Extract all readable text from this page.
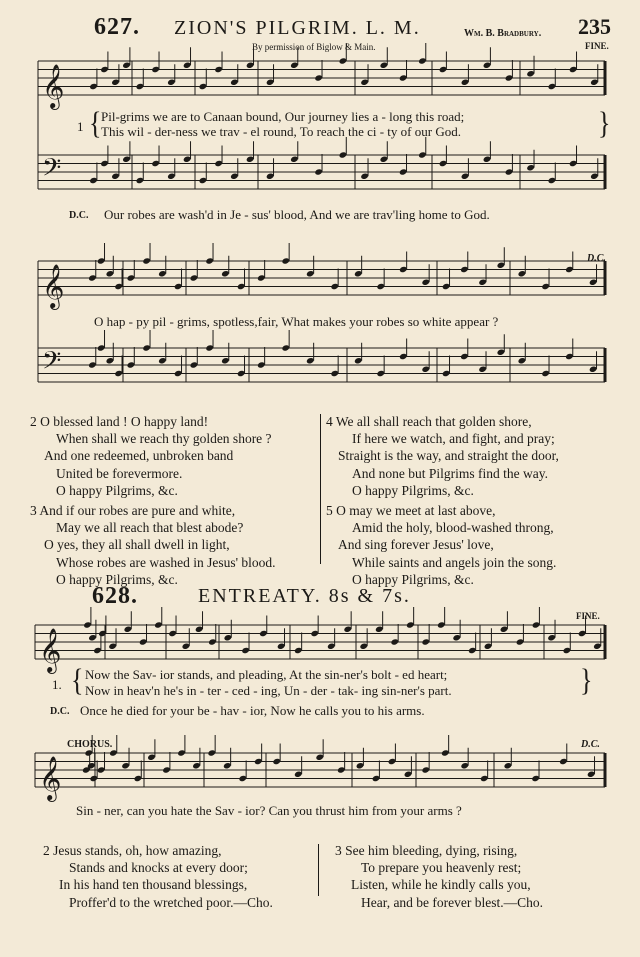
627. ZION'S PILGRIM. L. M.	Wm. B. Bradbury. 235
By permission of Biglow & Main.	FINE.
𝄞
𝄢
𝄞
𝄢
𝄞
𝄞
1 { Pil-grims we are to Canaan bound, Our journey lies a - long this road;
This wil - der-ness we trav - el round, To reach the ci - ty of our God.	}
D.C. Our robes are wash'd in Je - sus' blood, And we are trav'ling home to God.
D.C.
O hap - py pil - grims, spotless,fair, What makes your robes so white appear ?
2 O blessed land ! O happy land!
When shall we reach thy golden shore ?
And one redeemed, unbroken band
United be forevermore.
O happy Pilgrims, &c.
3 And if our robes are pure and white,
May we all reach that blest abode?
O yes, they all shall dwell in light,
Whose robes are washed in Jesus' blood.
O happy Pilgrims, &c.
4 We all shall reach that golden shore,
If here we watch, and fight, and pray;
Straight is the way, and straight the door,
And none but Pilgrims find the way.
O happy Pilgrims, &c.
5 O may we meet at last above,
Amid the holy, blood-washed throng,
And sing forever Jesus' love,
While saints and angels join the song.
O happy Pilgrims, &c.
628.	ENTREATY. 8s & 7s.
FINE.
1. { Now the Sav- ior stands, and pleading, At the sin-ner's bolt - ed heart;
Now in heav'n he's in - ter - ced - ing, Un - der - tak- ing sin-ner's part.	}
D.C. Once he died for your be - hav - ior, Now he calls you to his arms.
CHORUS.	D.C.
Sin - ner, can you hate the Sav - ior? Can you thrust him from your arms ?
2 Jesus stands, oh, how amazing,
Stands and knocks at every door;
In his hand ten thousand blessings,
Proffer'd to the wretched poor.—Cho.
3 See him bleeding, dying, rising,
To prepare you heavenly rest;
Listen, while he kindly calls you,
Hear, and be forever blest.—Cho.
